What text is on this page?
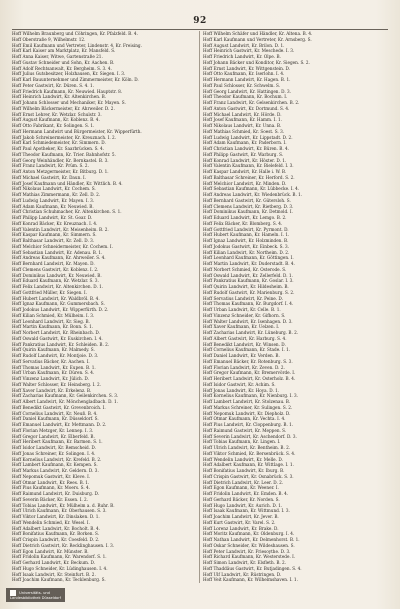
92
Hoff Wilhelm Braunberg und Cöhringen, Kr. Pfalzfeld. B. 4.
Hoff Oberstraße 9, Wilhelmstr. 12.
Hoff Emil Kaufmann und Vertreter, Lindenstr. 4, Kr. Freising.
Hoff Karl Kaiser am Marktplatz, Kr. Mansfeld. S.
Hoff Anna Kaiser, Witwe, Gartenstraße 21.
Hoff Gustav Schneider und Sohn, Kr. Aachen. B.
Hoff Adolf Rechtsanwalt, Kr. Bergheim. S. 3. 4.
Hoff Julius Gutsbesitzer, Holzhausen, Kr. Siegen. I. 3.
Hoff Karl Bauunternehmer und Zimmermeister, Kr. Köln. D.
Hoff Peter Gastwirt, Kr. Düren. S. 4. 1.
Hoff Friedrich Kaufmann, Kr. Neuwied. Hauptstr. 8.
Hoff Heinrich Landwirt, Kr. Altenkirchen. B.
Hoff Johann Schlosser und Mechaniker, Kr. Mayen. S.
Hoff Wilhelm Bäckermeister, Kr. Ahrweiler. D. 2.
Hoff Ernst Lehrer, Kr. Wetzlar. Schulstr. 3.
Hoff August Kaufmann, Kr. Koblenz. B. 4.
Hoff Otto Fabrikant, Kr. Solingen. S. 1.
Hoff Hermann Landwirt und Bürgermeister, Kr. Wipperfürth.
Hoff Jakob Schreinermeister, Kr. Kreuznach. I. 2.
Hoff Karl Schmiedemeister, Kr. Simmern. D.
Hoff Paul Apotheker, Kr. Saarbrücken. S. 4.
Hoff Theodor Kaufmann, Kr. Trier. Bahnhofstr. 5.
Hoff Georg Weinhändler, Kr. Bernkastel. B. 3.
Hoff Franz Landwirt, Kr. Prüm. S. 2.
Hoff Anton Metzgermeister, Kr. Bitburg. D. 1.
Hoff Michael Gastwirt, Kr. Daun. I.
Hoff Josef Kaufmann und Händler, Kr. Wittlich. B. 4.
Hoff Nikolaus Landwirt, Kr. Cochem. S.
Hoff Mathias Zimmermann, Kr. Zell. D. 2.
Hoff Ludwig Landwirt, Kr. Mayen. I. 3.
Hoff Adam Kaufmann, Kr. Neuwied. B.
Hoff Christian Schuhmacher, Kr. Altenkirchen. S. 1.
Hoff Philipp Landwirt, Kr. St. Goar. D.
Hoff Konrad Bäcker, Kr. Kreuznach. I. 4.
Hoff Valentin Landwirt, Kr. Meisenheim. B. 2.
Hoff Kaspar Kaufmann, Kr. Simmern. S.
Hoff Balthasar Landwirt, Kr. Zell. D. 3.
Hoff Melchior Schneidermeister, Kr. Cochem. I.
Hoff Sebastian Landwirt, Kr. Adenau. B. 1.
Hoff Andreas Kaufmann, Kr. Ahrweiler. S. 4.
Hoff Bernhard Landwirt, Kr. Mayen. D.
Hoff Clemens Gastwirt, Kr. Koblenz. I. 2.
Hoff Dominikus Landwirt, Kr. Neuwied. B.
Hoff Eduard Kaufmann, Kr. Wetzlar. S. 3.
Hoff Felix Landwirt, Kr. Altenkirchen. D. 1.
Hoff Gottfried Müller, Kr. Siegen. I.
Hoff Hubert Landwirt, Kr. Waldbröl. B. 4.
Hoff Ignaz Kaufmann, Kr. Gummersbach. S.
Hoff Jodokus Landwirt, Kr. Wipperfürth. D. 2.
Hoff Kilian Schmied, Kr. Mülheim. I. 3.
Hoff Leonhard Landwirt, Kr. Sieg. B.
Hoff Martin Kaufmann, Kr. Bonn. S. 1.
Hoff Norbert Landwirt, Kr. Rheinbach. D.
Hoff Oswald Gastwirt, Kr. Euskirchen. I. 4.
Hoff Pankratius Landwirt, Kr. Schleiden. B. 2.
Hoff Quirin Kaufmann, Kr. Malmedy. S.
Hoff Rudolf Landwirt, Kr. Montjoie. D. 3.
Hoff Servatius Bäcker, Kr. Aachen. I.
Hoff Thomas Landwirt, Kr. Eupen. B. 1.
Hoff Urban Kaufmann, Kr. Düren. S. 4.
Hoff Vinzenz Landwirt, Kr. Jülich. D.
Hoff Walter Schlosser, Kr. Heinsberg. I. 2.
Hoff Xaver Landwirt, Kr. Erkelenz. B.
Hoff Zacharias Kaufmann, Kr. Geilenkirchen. S. 3.
Hoff Albert Landwirt, Kr. Mönchengladbach. D. 1.
Hoff Benedikt Gastwirt, Kr. Grevenbroich. I.
Hoff Cornelius Landwirt, Kr. Neuß. B. 4.
Hoff Daniel Kaufmann, Kr. Düsseldorf. S.
Hoff Emanuel Landwirt, Kr. Mettmann. D. 2.
Hoff Florian Metzger, Kr. Lennep. I. 3.
Hoff Gregor Landwirt, Kr. Elberfeld. B.
Hoff Heribert Kaufmann, Kr. Barmen. S. 1.
Hoff Isidor Landwirt, Kr. Remscheid. D.
Hoff Jonas Schreiner, Kr. Solingen. I. 4.
Hoff Kornelius Landwirt, Kr. Krefeld. B. 2.
Hoff Lambert Kaufmann, Kr. Kempen. S.
Hoff Markus Landwirt, Kr. Geldern. D. 3.
Hoff Nepomuk Gastwirt, Kr. Kleve. I.
Hoff Otmar Landwirt, Kr. Rees. B. 1.
Hoff Pius Kaufmann, Kr. Moers. S. 4.
Hoff Raimund Landwirt, Kr. Duisburg. D.
Hoff Severin Bäcker, Kr. Essen. I. 2.
Hoff Tobias Landwirt, Kr. Mülheim a. d. Ruhr. B.
Hoff Ulrich Kaufmann, Kr. Oberhausen. S. 3.
Hoff Viktor Landwirt, Kr. Dinslaken. D. 1.
Hoff Wendelin Schmied, Kr. Wesel. I.
Hoff Adalbert Landwirt, Kr. Bocholt. B. 4.
Hoff Bonifatius Kaufmann, Kr. Borken. S.
Hoff Crispin Landwirt, Kr. Coesfeld. D. 2.
Hoff Dietrich Gastwirt, Kr. Recklinghausen. I. 3.
Hoff Egon Landwirt, Kr. Münster. B.
Hoff Fridolin Kaufmann, Kr. Warendorf. S. 1.
Hoff Gerhard Landwirt, Kr. Beckum. D.
Hoff Hugo Schneider, Kr. Lüdinghausen. I. 4.
Hoff Isaak Landwirt, Kr. Steinfurt. B. 2.
Hoff Joachim Kaufmann, Kr. Tecklenburg. S.
Hoff Wilhelm Schäfer und Händler, Kr. Altena. B. 4.
Hoff Karl Kaufmann und Vertreter, Kr. Arnsberg. S.
Hoff August Landwirt, Kr. Brilon. D. 1.
Hoff Heinrich Gastwirt, Kr. Meschede. I. 3.
Hoff Friedrich Landwirt, Kr. Olpe. B.
Hoff Johann Bäcker und Konditor, Kr. Siegen. S. 2.
Hoff Ernst Landwirt, Kr. Wittgenstein. D.
Hoff Otto Kaufmann, Kr. Iserlohn. I. 4.
Hoff Hermann Landwirt, Kr. Hagen. B. 1.
Hoff Paul Schlosser, Kr. Schwelm. S.
Hoff Georg Landwirt, Kr. Hattingen. D. 3.
Hoff Theodor Kaufmann, Kr. Bochum. I.
Hoff Franz Landwirt, Kr. Gelsenkirchen. B. 2.
Hoff Anton Gastwirt, Kr. Dortmund. S. 4.
Hoff Michael Landwirt, Kr. Hörde. D.
Hoff Josef Kaufmann, Kr. Hamm. I. 1.
Hoff Nikolaus Landwirt, Kr. Unna. B.
Hoff Mathias Schmied, Kr. Soest. S. 3.
Hoff Ludwig Landwirt, Kr. Lippstadt. D. 2.
Hoff Adam Kaufmann, Kr. Paderborn. I.
Hoff Christian Landwirt, Kr. Büren. B. 4.
Hoff Philipp Gastwirt, Kr. Warburg. S.
Hoff Konrad Landwirt, Kr. Höxter. D. 1.
Hoff Valentin Kaufmann, Kr. Bielefeld. I. 3.
Hoff Kaspar Landwirt, Kr. Halle i. W. B.
Hoff Balthasar Schreiner, Kr. Herford. S. 2.
Hoff Melchior Landwirt, Kr. Minden. D.
Hoff Sebastian Kaufmann, Kr. Lübbecke. I. 4.
Hoff Andreas Landwirt, Kr. Wiedenbrück. B. 1.
Hoff Bernhard Gastwirt, Kr. Gütersloh. S.
Hoff Clemens Landwirt, Kr. Rietberg. D. 3.
Hoff Dominikus Kaufmann, Kr. Detmold. I.
Hoff Eduard Landwirt, Kr. Lemgo. B. 2.
Hoff Felix Bäcker, Kr. Blomberg. S. 4.
Hoff Gottfried Landwirt, Kr. Pyrmont. D.
Hoff Hubert Kaufmann, Kr. Hameln. I. 1.
Hoff Ignaz Landwirt, Kr. Holzminden. B.
Hoff Jodokus Gastwirt, Kr. Einbeck. S. 3.
Hoff Kilian Landwirt, Kr. Northeim. D. 2.
Hoff Leonhard Kaufmann, Kr. Göttingen. I.
Hoff Martin Landwirt, Kr. Duderstadt. B. 4.
Hoff Norbert Schmied, Kr. Osterode. S.
Hoff Oswald Landwirt, Kr. Zellerfeld. D. 1.
Hoff Pankratius Kaufmann, Kr. Goslar. I. 3.
Hoff Quirin Landwirt, Kr. Hildesheim. B.
Hoff Rudolf Gastwirt, Kr. Marienburg. S. 2.
Hoff Servatius Landwirt, Kr. Peine. D.
Hoff Thomas Kaufmann, Kr. Burgdorf. I. 4.
Hoff Urban Landwirt, Kr. Celle. B. 1.
Hoff Vinzenz Schneider, Kr. Gifhorn. S.
Hoff Walter Landwirt, Kr. Isenhagen. D. 3.
Hoff Xaver Kaufmann, Kr. Uelzen. I.
Hoff Zacharias Landwirt, Kr. Lüneburg. B. 2.
Hoff Albert Gastwirt, Kr. Harburg. S. 4.
Hoff Benedikt Landwirt, Kr. Winsen. D.
Hoff Cornelius Kaufmann, Kr. Stade. I. 1.
Hoff Daniel Landwirt, Kr. Verden. B.
Hoff Emanuel Bäcker, Kr. Rotenburg. S. 3.
Hoff Florian Landwirt, Kr. Zeven. D. 2.
Hoff Gregor Kaufmann, Kr. Bremervörde. I.
Hoff Heribert Landwirt, Kr. Osterholz. B. 4.
Hoff Isidor Gastwirt, Kr. Achim. S.
Hoff Jonas Landwirt, Kr. Hoya. D. 1.
Hoff Kornelius Kaufmann, Kr. Nienburg. I. 3.
Hoff Lambert Landwirt, Kr. Stolzenau. B.
Hoff Markus Schreiner, Kr. Sulingen. S. 2.
Hoff Nepomuk Landwirt, Kr. Diepholz. D.
Hoff Otmar Kaufmann, Kr. Vechta. I. 4.
Hoff Pius Landwirt, Kr. Cloppenburg. B. 1.
Hoff Raimund Gastwirt, Kr. Meppen. S.
Hoff Severin Landwirt, Kr. Aschendorf. D. 3.
Hoff Tobias Kaufmann, Kr. Lingen. I.
Hoff Ulrich Landwirt, Kr. Bentheim. B. 2.
Hoff Viktor Schmied, Kr. Bersenbrück. S. 4.
Hoff Wendelin Landwirt, Kr. Melle. D.
Hoff Adalbert Kaufmann, Kr. Wittlage. I. 1.
Hoff Bonifatius Landwirt, Kr. Iburg. B.
Hoff Crispin Gastwirt, Kr. Osnabrück. S. 3.
Hoff Dietrich Landwirt, Kr. Leer. D. 2.
Hoff Egon Kaufmann, Kr. Weener. I.
Hoff Fridolin Landwirt, Kr. Emden. B. 4.
Hoff Gerhard Bäcker, Kr. Norden. S.
Hoff Hugo Landwirt, Kr. Aurich. D. 1.
Hoff Isaak Kaufmann, Kr. Wittmund. I. 3.
Hoff Joachim Landwirt, Kr. Jever. B.
Hoff Kurt Gastwirt, Kr. Varel. S. 2.
Hoff Lorenz Landwirt, Kr. Brake. D.
Hoff Moritz Kaufmann, Kr. Oldenburg. I. 4.
Hoff Nathan Landwirt, Kr. Delmenhorst. B. 1.
Hoff Oskar Schneider, Kr. Wildeshausen. S.
Hoff Peter Landwirt, Kr. Friesoythe. D. 3.
Hoff Richard Kaufmann, Kr. Westerstede. I.
Hoff Simon Landwirt, Kr. Elsfleth. B. 2.
Hoff Thaddäus Gastwirt, Kr. Butjadingen. S. 4.
Hoff Ulf Landwirt, Kr. Rüstringen. D.
Hoff Veit Kaufmann, Kr. Wilhelmshaven. I. 1.
Universitäts- und
Landesbibliothek Düsseldorf
